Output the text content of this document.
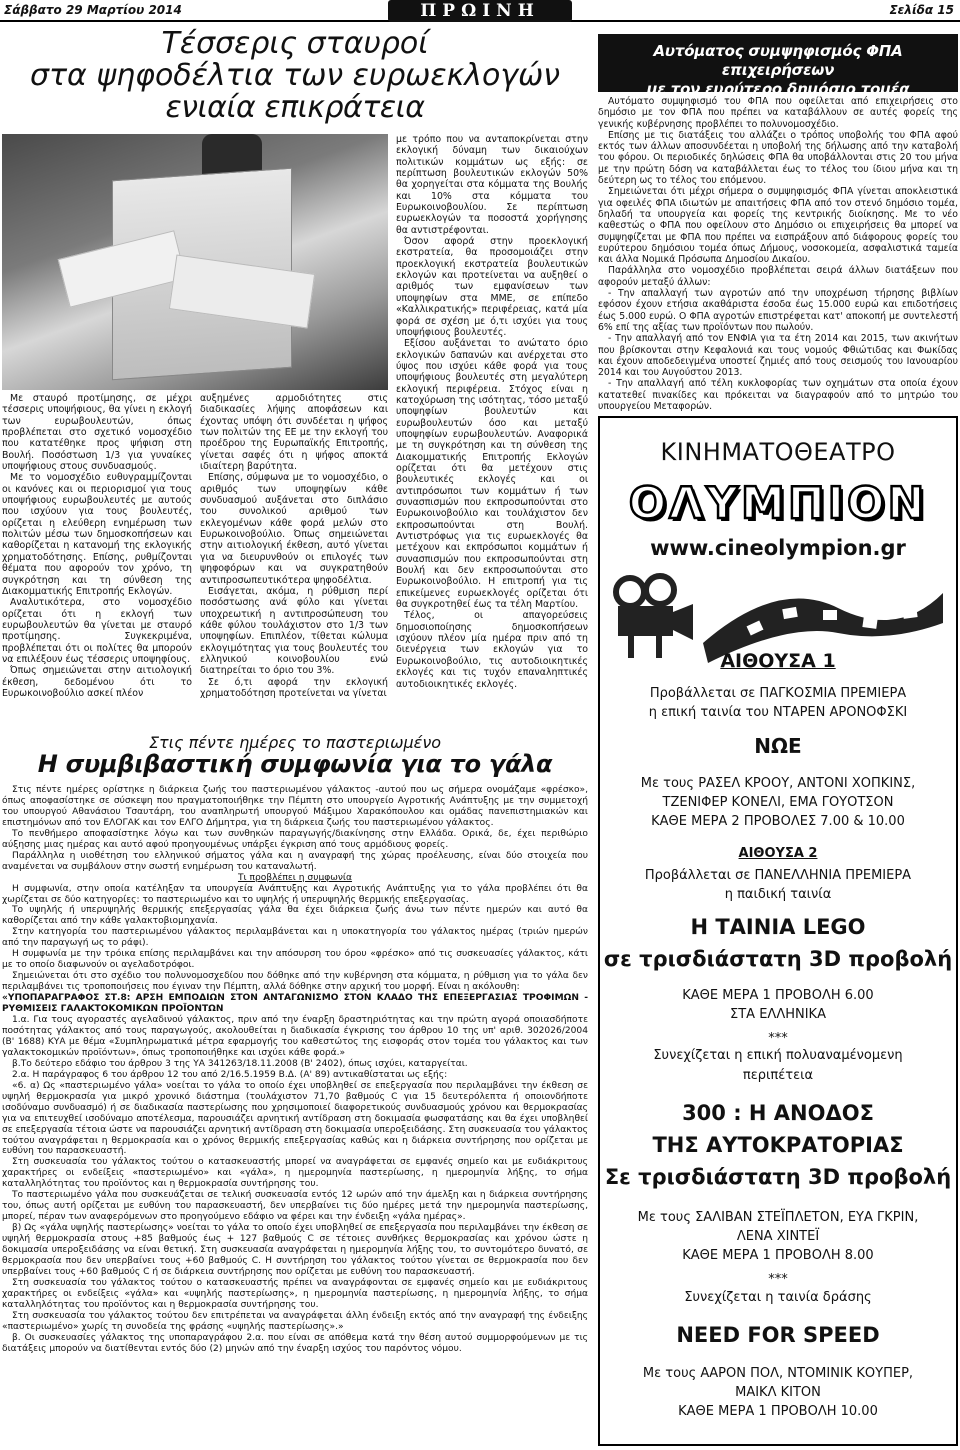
Σάββατο 29 Μαρτίου 2014	ΠΡΩΙΝΗ	Σελίδα 15
Τέσσερις σταυροί
στα ψηφοδέλτια των ευρωεκλογών
ενιαία επικράτεια

Με σταυρό προτίμησης, σε μέχρι τέσσερις υποψήφιους, θα γίνει η εκλογή των ευρωβουλευτών, όπως προβλέπεται στο σχετικό νομοσχέδιο που κατατέθηκε προς ψήφιση στη Βουλή. Ποσόστωση 1/3 για γυναίκες υποψήφιους στους συνδυασμούς.

Με το νομοσχέδιο ευθυγραμμίζονται οι κανόνες και οι περιορισμοί για τους υποψήφιους ευρωβουλευτές με αυτούς που ισχύουν για τους βουλευτές, ορίζεται η ελεύθερη ενημέρωση των πολιτών μέσω των δημοσκοπήσεων και καθορίζεται η κατανομή της εκλογικής χρηματοδότησης. Επίσης, ρυθμίζονται θέματα που αφορούν τον χρόνο, τη συγκρότηση και τη σύνθεση της Διακομματικής Επιτροπής Εκλογών.

Αναλυτικότερα, στο νομοσχέδιο ορίζεται ότι η εκλογή των ευρωβουλευτών θα γίνεται με σταυρό προτίμησης. Συγκεκριμένα, προβλέπεται ότι οι πολίτες θα μπορούν να επιλέξουν έως τέσσερις υποψηφίους.

Όπως σημειώνεται στην αιτιολογική έκθεση, δεδομένου ότι το Ευρωκοινοβούλιο ασκεί πλέον

αυξημένες αρμοδιότητες στις διαδικασίες λήψης αποφάσεων και έχοντας υπόψη ότι συνδέεται η ψήφος των πολιτών της ΕΕ με την εκλογή του προέδρου της Ευρωπαϊκής Επιτροπής, γίνεται σαφές ότι η ψήφος αποκτά ιδιαίτερη βαρύτητα.

Επίσης, σύμφωνα με το νομοσχέδιο, ο αριθμός των υποψηφίων κάθε συνδυασμού αυξάνεται στο διπλάσιο του συνολικού αριθμού των εκλεγομένων κάθε φορά μελών στο Ευρωκοινοβούλιο. Όπως σημειώνεται στην αιτιολογική έκθεση, αυτό γίνεται για να διευρυνθούν οι επιλογές των ψηφοφόρων και να συγκρατηθούν αντιπροσωπευτικότερα ψηφοδέλτια.

Εισάγεται, ακόμα, η ρύθμιση περί ποσόστωσης ανά φύλο και γίνεται υποχρεωτική η αντιπροσώπευση του κάθε φύλου τουλάχιστον στο 1/3 των υποψηφίων. Επιπλέον, τίθεται κώλυμα εκλογιμότητας για τους βουλευτές του ελληνικού κοινοβουλίου ενώ διατηρείται το όριο του 3%.

Σε ό,τι αφορά την εκλογική χρηματοδότηση προτείνεται να γίνεται

με τρόπο που να ανταποκρίνεται στην εκλογική δύναμη των δικαιούχων πολιτικών κομμάτων ως εξής: σε περίπτωση βουλευτικών εκλογών 50% θα χορηγείται στα κόμματα της Βουλής και 10% στα κόμματα του Ευρωκοινοβουλίου. Σε περίπτωση ευρωεκλογών τα ποσοστά χορήγησης θα αντιστρέφονται.

Όσον αφορά στην προεκλογική εκστρατεία, θα προσομοιάζει στην προεκλογική εκστρατεία βουλευτικών εκλογών και προτείνεται να αυξηθεί ο αριθμός των εμφανίσεων των υποψηφίων στα ΜΜΕ, σε επίπεδο «Καλλικρατικής» περιφέρειας, κατά μία φορά σε σχέση με ό,τι ισχύει για τους υποψήφιους βουλευτές.

Εξίσου αυξάνεται το ανώτατο όριο εκλογικών δαπανών και ανέρχεται στο ύψος που ισχύει κάθε φορά για τους υποψήφιους βουλευτές στη μεγαλύτερη εκλογική περιφέρεια. Στόχος είναι η κατοχύρωση της ισότητας, τόσο μεταξύ υποψηφίων βουλευτών και ευρωβουλευτών όσο και μεταξύ υποψηφίων ευρωβουλευτών. Αναφορικά με τη συγκρότηση και τη σύνθεση της Διακομματικής Επιτροπής Εκλογών ορίζεται ότι θα μετέχουν στις βουλευτικές εκλογές και οι αντιπρόσωποι των κομμάτων ή των συνασπισμών που εκπροσωπούνται στο Ευρωκοινοβούλιο και τουλάχιστον δεν εκπροσωπούνται στη Βουλή. Αντιστρόφως για τις ευρωεκλογές θα μετέχουν και εκπρόσωποι κομμάτων ή συνασπισμών που εκπροσωπούνται στη Βουλή και δεν εκπροσωπούνται στο Ευρωκοινοβούλιο. Η επιτροπή για τις επικείμενες ευρωεκλογές ορίζεται ότι θα συγκροτηθεί έως τα τέλη Μαρτίου.

Τέλος, οι απαγορεύσεις δημοσιοποίησης δημοσκοπήσεων ισχύουν πλέον μία ημέρα πριν από τη διενέργεια των εκλογών για το Ευρωκοινοβούλιο, τις αυτοδιοικητικές εκλογές και τις τυχόν επαναληπτικές αυτοδιοικητικές εκλογές.

Στις πέντε ημέρες το παστεριωμένο
Η συμβιβαστική συμφωνία για το γάλα

Στις πέντε ημέρες ορίστηκε η διάρκεια ζωής του παστεριωμένου γάλακτος -αυτού που ως σήμερα ονομάζαμε «φρέσκο», όπως αποφασίστηκε σε σύσκεψη που πραγματοποιήθηκε την Πέμπτη στο υπουργείο Αγροτικής Ανάπτυξης με την συμμετοχή του υπουργού Αθανάσιου Τσαυτάρη, του αναπληρωτή υπουργού Μάξιμου Χαρακόπουλου και ομάδας πανεπιστημιακών και επιστημόνων από τον ΕΛΟΓΑΚ και τον ΕΛΓΟ Δήμητρα, για τη διάρκεια ζωής του παστεριωμένου γάλακτος.

Το πενθήμερο αποφασίστηκε λόγω και των συνθηκών παραγωγής/διακίνησης στην Ελλάδα. Ορικά, δε, έχει περιθώριο αύξησης μιας ημέρας και αυτό αφού προηγουμένως υπάρξει έγκριση από τους αρμόδιους φορείς.

Παράλληλα η υιοθέτηση του ελληνικού σήματος γάλα και η αναγραφή της χώρας προέλευσης, είναι δύο στοιχεία που αναμένεται να συμβάλουν στην σωστή ενημέρωση του καταναλωτή.

Τι προβλέπει η συμφωνία

Η συμφωνία, στην οποία κατέληξαν τα υπουργεία Ανάπτυξης και Αγροτικής Ανάπτυξης για το γάλα προβλέπει ότι θα χωρίζεται σε δύο κατηγορίες: το παστεριωμένο και το υψηλής ή υπερυψηλής θερμικής επεξεργασίας.

Το υψηλής ή υπερυψηλής θερμικής επεξεργασίας γάλα θα έχει διάρκεια ζωής άνω των πέντε ημερών και αυτό θα καθορίζεται από την κάθε γαλακτοβιομηχανία.

Στην κατηγορία του παστεριωμένου γάλακτος περιλαμβάνεται και η υποκατηγορία του γάλακτος ημέρας (τριών ημερών από την παραγωγή ως το ράφι).

Η συμφωνία με την τρόικα επίσης περιλαμβάνει και την απόσυρση του όρου «φρέσκο» από τις συσκευασίες γάλακτος, κάτι με το οποίο διαφωνούν οι αγελαδοτρόφοι.

Σημειώνεται ότι στο σχέδιο του πολυνομοσχεδίου που δόθηκε από την κυβέρνηση στα κόμματα, η ρύθμιση για το γάλα δεν περιλαμβάνει τις τροποποιήσεις που έγιναν την Πέμπτη, αλλά δόθηκε στην αρχική του μορφή. Είναι η ακόλουθη:

«ΥΠΟΠΑΡΑΓΡΑΦΟΣ ΣΤ.8: ΑΡΣΗ ΕΜΠΟΔΙΩΝ ΣΤΟΝ ΑΝΤΑΓΩΝΙΣΜΟ ΣΤΟΝ ΚΛΑΔΟ ΤΗΣ ΕΠΕΞΕΡΓΑΣΙΑΣ ΤΡΟΦΙΜΩΝ - ΡΥΘΜΙΣΕΙΣ ΓΑΛΑΚΤΟΚΟΜΙΚΩΝ ΠΡΟΪΟΝΤΩΝ

1.α. Για τους αγοραστές αγελαδινού γάλακτος, πριν από την έναρξη δραστηριότητας και την πρώτη αγορά οποιασδήποτε ποσότητας γάλακτος από τους παραγωγούς, ακολουθείται η διαδικασία έγκρισης του άρθρου 10 της υπ' αριθ. 302026/2004 (Β' 1688) ΚΥΑ με θέμα «Συμπληρωματικά μέτρα εφαρμογής του καθεστώτος της εισφοράς στον τομέα του γάλακτος και των γαλακτοκομικών προϊόντων», όπως τροποποιήθηκε και ισχύει κάθε φορά.»

β.Το δεύτερο εδάφιο του άρθρου 3 της ΥΑ 341263/18.11.2008 (Β' 2402), όπως ισχύει, καταργείται.

2.α. Η παράγραφος 6 του άρθρου 12 του από 2/16.5.1959 Β.Δ. (Α' 89) αντικαθίσταται ως εξής:

«6. α) Ως «παστεριωμένο γάλα» νοείται το γάλα το οποίο έχει υποβληθεί σε επεξεργασία που περιλαμβάνει την έκθεση σε υψηλή θερμοκρασία για μικρό χρονικό διάστημα (τουλάχιστον 71,70 βαθμούς C για 15 δευτερόλεπτα ή οποιονδήποτε ισοδύναμο συνδυασμό) ή σε διαδικασία παστερίωσης που χρησιμοποιεί διαφορετικούς συνδυασμούς χρόνου και θερμοκρασίας για να επιτευχθεί ισοδύναμο αποτέλεσμα, παρουσιάζει αρνητική αντίδραση στη δοκιμασία φωσφατάσης και θα έχει υποβληθεί σε επεξεργασία τέτοια ώστε να παρουσιάζει αρνητική αντίδραση στη δοκιμασία υπεροξειδάσης. Στη συσκευασία του γάλακτος τούτου αναγράφεται η θερμοκρασία και ο χρόνος θερμικής επεξεργασίας καθώς και η διάρκεια συντήρησης που ορίζεται με ευθύνη του παρασκευαστή.

Στη συσκευασία του γάλακτος τούτου ο κατασκευαστής μπορεί να αναγράφεται σε εμφανές σημείο και με ευδιάκριτους χαρακτήρες οι ενδείξεις «παστεριωμένο» και «γάλα», η ημερομηνία παστερίωσης, η ημερομηνία λήξης, το σήμα καταλληλότητας του προϊόντος και η θερμοκρασία συντήρησης του.

Το παστεριωμένο γάλα που συσκευάζεται σε τελική συσκευασία εντός 12 ωρών από την άμελξη και η διάρκεια συντήρησης του, όπως αυτή ορίζεται με ευθύνη του παρασκευαστή, δεν υπερβαίνει τις δύο ημέρες μετά την ημερομηνία παστερίωσης, μπορεί, πέραν των αναφερόμενων στο προηγούμενο εδάφιο να φέρει και την ένδειξη «γάλα ημέρας».

β) Ως «γάλα υψηλής παστερίωσης» νοείται το γάλα το οποίο έχει υποβληθεί σε επεξεργασία που περιλαμβάνει την έκθεση σε υψηλή θερμοκρασία στους +85 βαθμούς έως + 127 βαθμούς C σε τέτοιες συνθήκες θερμοκρασίας και χρόνου ώστε η δοκιμασία υπεροξειδάσης να είναι θετική. Στη συσκευασία αναγράφεται η ημερομηνία λήξης του, το συντομότερο δυνατό, σε θερμοκρασία που δεν υπερβαίνει τους +60 βαθμούς C. Η συντήρηση του γάλακτος τούτου γίνεται σε θερμοκρασία που δεν υπερβαίνει τους +60 βαθμούς C ή σε διάρκεια συντήρησης που ορίζεται με ευθύνη του παρασκευαστή.

Στη συσκευασία του γάλακτος τούτου ο κατασκευαστής πρέπει να αναγράφονται σε εμφανές σημείο και με ευδιάκριτους χαρακτήρες οι ενδείξεις «γάλα» και «υψηλής παστερίωσης», η ημερομηνία παστερίωσης, η ημερομηνία λήξης, το σήμα καταλληλότητας του προϊόντος και η θερμοκρασία συντήρησης του.

Στη συσκευασία του γάλακτος τούτου δεν επιτρέπεται να αναγράφεται άλλη ένδειξη εκτός από την αναγραφή της ένδειξης «παστεριωμένο» χωρίς τη συνοδεία της φράσης «υψηλής παστερίωσης».»

β. Οι συσκευασίες γάλακτος της υποπαραγράφου 2.α. που είναι σε απόθεμα κατά την θέση αυτού συμμορφούμενων με τις διατάξεις μπορούν να διατίθενται εντός δύο (2) μηνών από την έναρξη ισχύος του παρόντος νόμου.

Αυτόματος συμψηφισμός ΦΠΑ επιχειρήσεων
με τον ευρύτερο δημόσιο τομέα

Αυτόματο συμψηφισμό του ΦΠΑ που οφείλεται από επιχειρήσεις στο δημόσιο με τον ΦΠΑ που πρέπει να καταβάλλουν σε αυτές φορείς της γενικής κυβέρνησης προβλέπει το πολυνομοσχέδιο.

Επίσης με τις διατάξεις του αλλάζει ο τρόπος υποβολής του ΦΠΑ αφού εκτός των άλλων αποσυνδέεται η υποβολή της δήλωσης από την καταβολή του φόρου. Οι περιοδικές δηλώσεις ΦΠΑ θα υποβάλλονται στις 20 του μήνα με την πρώτη δόση να καταβάλλεται έως το τέλος του ίδιου μήνα και τη δεύτερη ως το τέλος του επόμενου.

Σημειώνεται ότι μέχρι σήμερα ο συμψηφισμός ΦΠΑ γίνεται αποκλειστικά για οφειλές ΦΠΑ ιδιωτών με απαιτήσεις ΦΠΑ από τον στενό δημόσιο τομέα, δηλαδή τα υπουργεία και φορείς της κεντρικής διοίκησης. Με το νέο καθεστώς ο ΦΠΑ που οφείλουν στο Δημόσιο οι επιχειρήσεις θα μπορεί να συμψηφίζεται με ΦΠΑ που πρέπει να εισπράξουν από διάφορους φορείς του ευρύτερου δημόσιου τομέα όπως Δήμους, νοσοκομεία, ασφαλιστικά ταμεία και άλλα Νομικά Πρόσωπα Δημοσίου Δικαίου.

Παράλληλα στο νομοσχέδιο προβλέπεται σειρά άλλων διατάξεων που αφορούν μεταξύ άλλων:

- Την απαλλαγή των αγροτών από την υποχρέωση τήρησης βιβλίων εφόσον έχουν ετήσια ακαθάριστα έσοδα έως 15.000 ευρώ και επιδοτήσεις έως 5.000 ευρώ. Ο ΦΠΑ αγροτών επιστρέφεται κατ' αποκοπή με συντελεστή 6% επί της αξίας των προϊόντων που πωλούν.

- Την απαλλαγή από τον ΕΝΦΙΑ για τα έτη 2014 και 2015, των ακινήτων που βρίσκονται στην Κεφαλονιά και τους νομούς Φθιώτιδας και Φωκίδας και έχουν αποδεδειγμένα υποστεί ζημιές από τους σεισμούς του Ιανουαρίου 2014 και του Αυγούστου 2013.

- Την απαλλαγή από τέλη κυκλοφορίας των οχημάτων στα οποία έχουν κατατεθεί πινακίδες και πρόκειται να διαγραφούν από το μητρώο του υπουργείου Μεταφορών.

ΚΙΝΗΜΑΤΟΘΕΑΤΡΟ
ΟΛΥΜΠΙΟΝ
www.cineolympion.gr
ΑΙΘΟΥΣΑ 1
Προβάλλεται σε ΠΑΓΚΟΣΜΙΑ ΠΡΕΜΙΕΡΑ
η επική ταινία του ΝΤΑΡΕΝ ΑΡΟΝΟΦΣΚΙ
ΝΩΕ
Με τους ΡΑΣΕΛ ΚΡΟΟΥ, ΑΝΤΟΝΙ ΧΟΠΚΙΝΣ,
ΤΖΕΝΙΦΕΡ ΚΟΝΕΛΙ, ΕΜΑ ΓΟΥΟΤΣΟΝ
ΚΑΘΕ ΜΕΡΑ 2 ΠΡΟΒΟΛΕΣ 7.00 & 10.00
ΑΙΘΟΥΣΑ 2
Προβάλλεται σε ΠΑΝΕΛΛΗΝΙΑ ΠΡΕΜΙΕΡΑ
η παιδική ταινία
Η ΤΑΙΝΙΑ LEGO
σε τρισδιάστατη 3D προβολή
ΚΑΘΕ ΜΕΡΑ 1 ΠΡΟΒΟΛΗ 6.00
ΣΤΑ ΕΛΛΗΝΙΚΑ
***
Συνεχίζεται η επική πολυαναμένομενη
περιπέτεια
300 : Η ΑΝΟΔΟΣ
ΤΗΣ ΑΥΤΟΚΡΑΤΟΡΙΑΣ
Σε τρισδιάστατη 3D προβολή
Με τους ΣΑΛΙΒΑΝ ΣΤΕΪΠΛΕΤΟΝ, ΕΥΑ ΓΚΡΙΝ,
ΛΕΝΑ ΧΙΝΤΕΪ
ΚΑΘΕ ΜΕΡΑ 1 ΠΡΟΒΟΛΗ 8.00
***
Συνεχίζεται η ταινία δράσης
NEED FOR SPEED
Με τους ΑΑΡΟΝ ΠΟΛ, ΝΤΟΜΙΝΙΚ ΚΟΥΠΕΡ,
ΜΑΙΚΛ ΚΙΤΟΝ
ΚΑΘΕ ΜΕΡΑ 1 ΠΡΟΒΟΛΗ 10.00
